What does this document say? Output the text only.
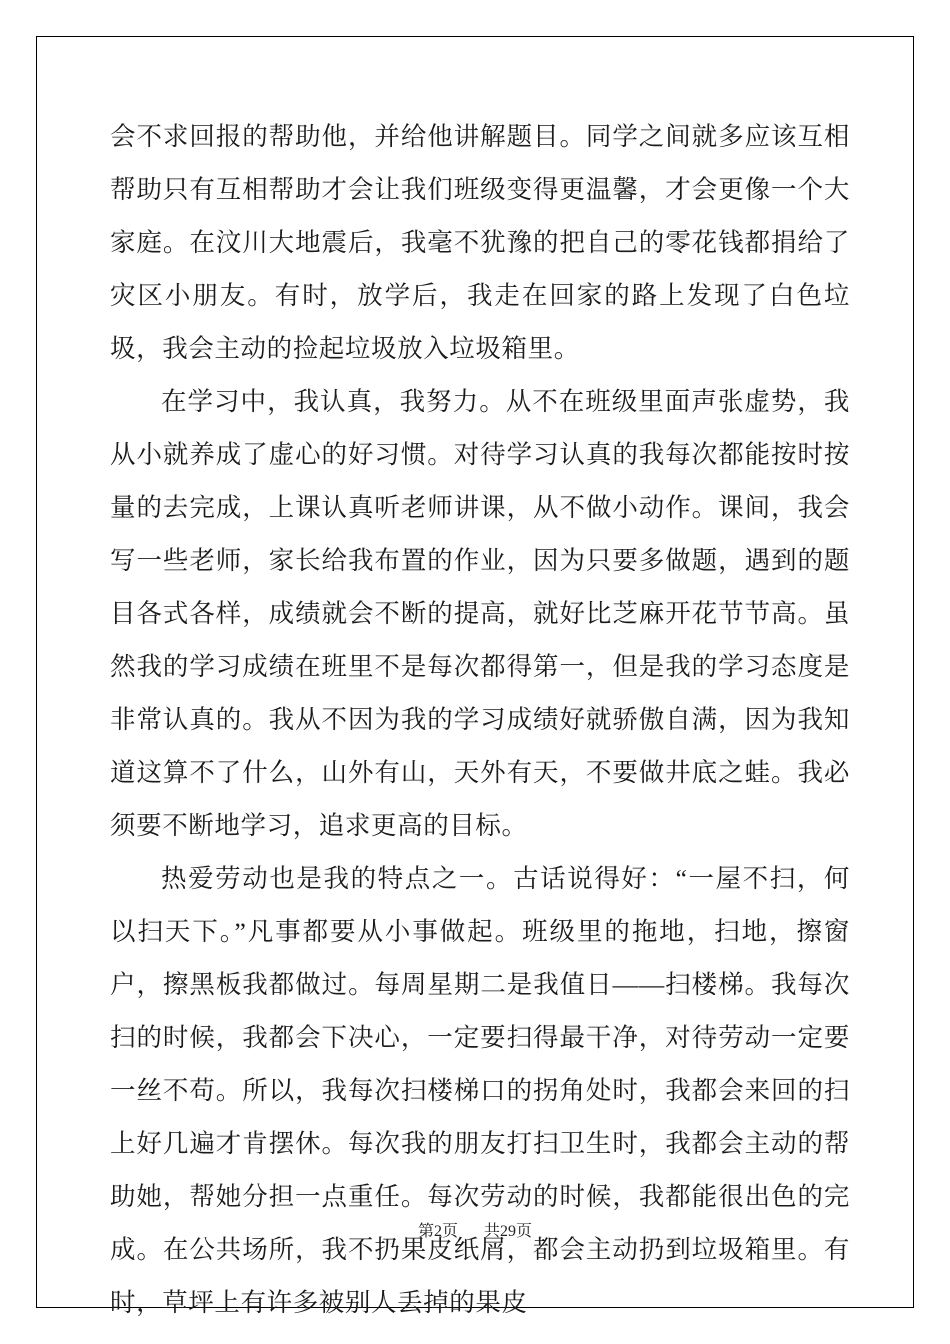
会不求回报的帮助他，并给他讲解题目。同学之间就多应该互相帮助只有互相帮助才会让我们班级变得更温馨，才会更像一个大家庭。在汶川大地震后，我毫不犹豫的把自己的零花钱都捐给了灾区小朋友。有时，放学后，我走在回家的路上发现了白色垃圾，我会主动的捡起垃圾放入垃圾箱里。

在学习中，我认真，我努力。从不在班级里面声张虚势，我从小就养成了虚心的好习惯。对待学习认真的我每次都能按时按量的去完成，上课认真听老师讲课，从不做小动作。课间，我会写一些老师，家长给我布置的作业，因为只要多做题，遇到的题目各式各样，成绩就会不断的提高，就好比芝麻开花节节高。虽然我的学习成绩在班里不是每次都得第一，但是我的学习态度是非常认真的。我从不因为我的学习成绩好就骄傲自满，因为我知道这算不了什么，山外有山，天外有天，不要做井底之蛙。我必须要不断地学习，追求更高的目标。

热爱劳动也是我的特点之一。古话说得好：“一屋不扫，何以扫天下。”凡事都要从小事做起。班级里的拖地，扫地，擦窗户，擦黑板我都做过。每周星期二是我值日——扫楼梯。我每次扫的时候，我都会下决心，一定要扫得最干净，对待劳动一定要一丝不苟。所以，我每次扫楼梯口的拐角处时，我都会来回的扫上好几遍才肯摆休。每次我的朋友打扫卫生时，我都会主动的帮助她，帮她分担一点重任。每次劳动的时候，我都能很出色的完成。在公共场所，我不扔果皮纸屑，都会主动扔到垃圾箱里。有时，草坪上有许多被别人丢掉的果皮

第2页 共29页
